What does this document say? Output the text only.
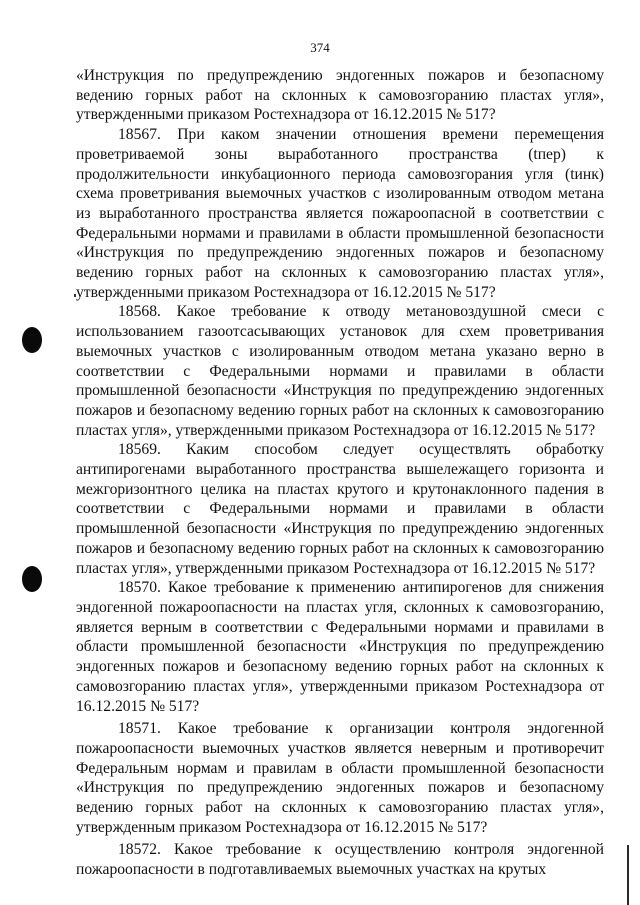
374

«Инструкция по предупреждению эндогенных пожаров и безопасному ведению горных работ на склонных к самовозгоранию пластах угля», утвержденными приказом Ростехнадзора от 16.12.2015 № 517?

18567. При каком значении отношения времени перемещения проветриваемой зоны выработанного пространства (tпер) к продолжительности инкубационного периода самовозгорания угля (tинк) схема проветривания выемочных участков с изолированным отводом метана из выработанного пространства является пожароопасной в соответствии с Федеральными нормами и правилами в области промышленной безопасности «Инструкция по предупреждению эндогенных пожаров и безопасному ведению горных работ на склонных к самовозгоранию пластах угля», утвержденными приказом Ростехнадзора от 16.12.2015 № 517?

18568. Какое требование к отводу метановоздушной смеси с использованием газоотсасывающих установок для схем проветривания выемочных участков с изолированным отводом метана указано верно в соответствии с Федеральными нормами и правилами в области промышленной безопасности «Инструкция по предупреждению эндогенных пожаров и безопасному ведению горных работ на склонных к самовозгоранию пластах угля», утвержденными приказом Ростехнадзора от 16.12.2015 № 517?

18569. Каким способом следует осуществлять обработку антипирогенами выработанного пространства вышележащего горизонта и межгоризонтного целика на пластах крутого и крутонаклонного падения в соответствии с Федеральными нормами и правилами в области промышленной безопасности «Инструкция по предупреждению эндогенных пожаров и безопасному ведению горных работ на склонных к самовозгоранию пластах угля», утвержденными приказом Ростехнадзора от 16.12.2015 № 517?

18570. Какое требование к применению антипирогенов для снижения эндогенной пожароопасности на пластах угля, склонных к самовозгоранию, является верным в соответствии с Федеральными нормами и правилами в области промышленной безопасности «Инструкция по предупреждению эндогенных пожаров и безопасному ведению горных работ на склонных к самовозгоранию пластах угля», утвержденными приказом Ростехнадзора от 16.12.2015 № 517?

18571. Какое требование к организации контроля эндогенной пожароопасности выемочных участков является неверным и противоречит Федеральным нормам и правилам в области промышленной безопасности «Инструкция по предупреждению эндогенных пожаров и безопасному ведению горных работ на склонных к самовозгоранию пластах угля», утвержденным приказом Ростехнадзора от 16.12.2015 № 517?

18572. Какое требование к осуществлению контроля эндогенной пожароопасности в подготавливаемых выемочных участках на крутых
